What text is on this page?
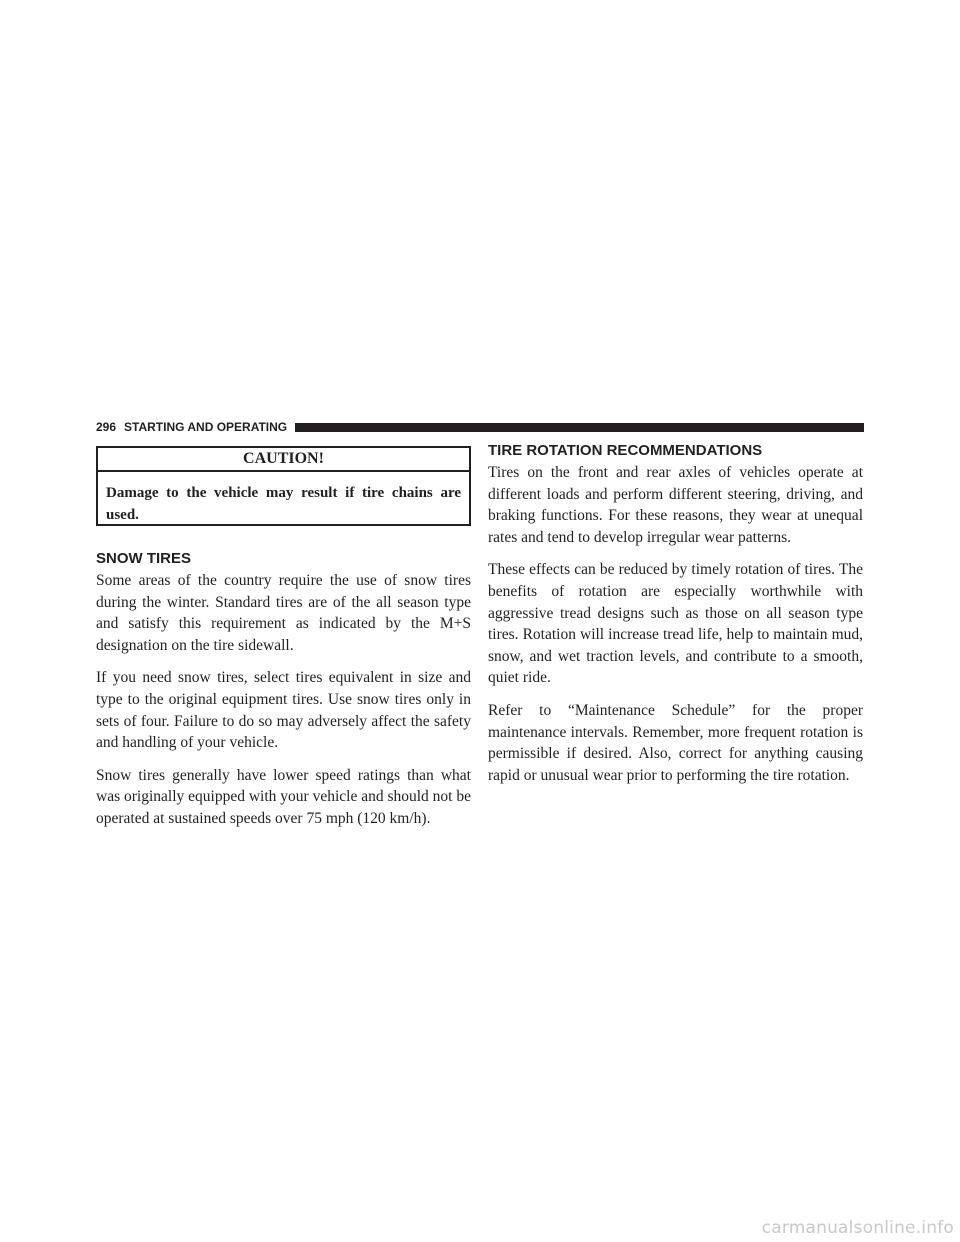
296 STARTING AND OPERATING
CAUTION!
Damage to the vehicle may result if tire chains are used.
SNOW TIRES

Some areas of the country require the use of snow tires during the winter. Standard tires are of the all season type and satisfy this requirement as indicated by the M+S designation on the tire sidewall.

If you need snow tires, select tires equivalent in size and type to the original equipment tires. Use snow tires only in sets of four. Failure to do so may adversely affect the safety and handling of your vehicle.

Snow tires generally have lower speed ratings than what was originally equipped with your vehicle and should not be operated at sustained speeds over 75 mph (120 km/h).

TIRE ROTATION RECOMMENDATIONS

Tires on the front and rear axles of vehicles operate at different loads and perform different steering, driving, and braking functions. For these reasons, they wear at unequal rates and tend to develop irregular wear patterns.

These effects can be reduced by timely rotation of tires. The benefits of rotation are especially worthwhile with aggressive tread designs such as those on all season type tires. Rotation will increase tread life, help to maintain mud, snow, and wet traction levels, and contribute to a smooth, quiet ride.

Refer to “Maintenance Schedule” for the proper maintenance intervals. Remember, more frequent rotation is permissible if desired. Also, correct for anything causing rapid or unusual wear prior to performing the tire rotation.

carmanualsonline.info
